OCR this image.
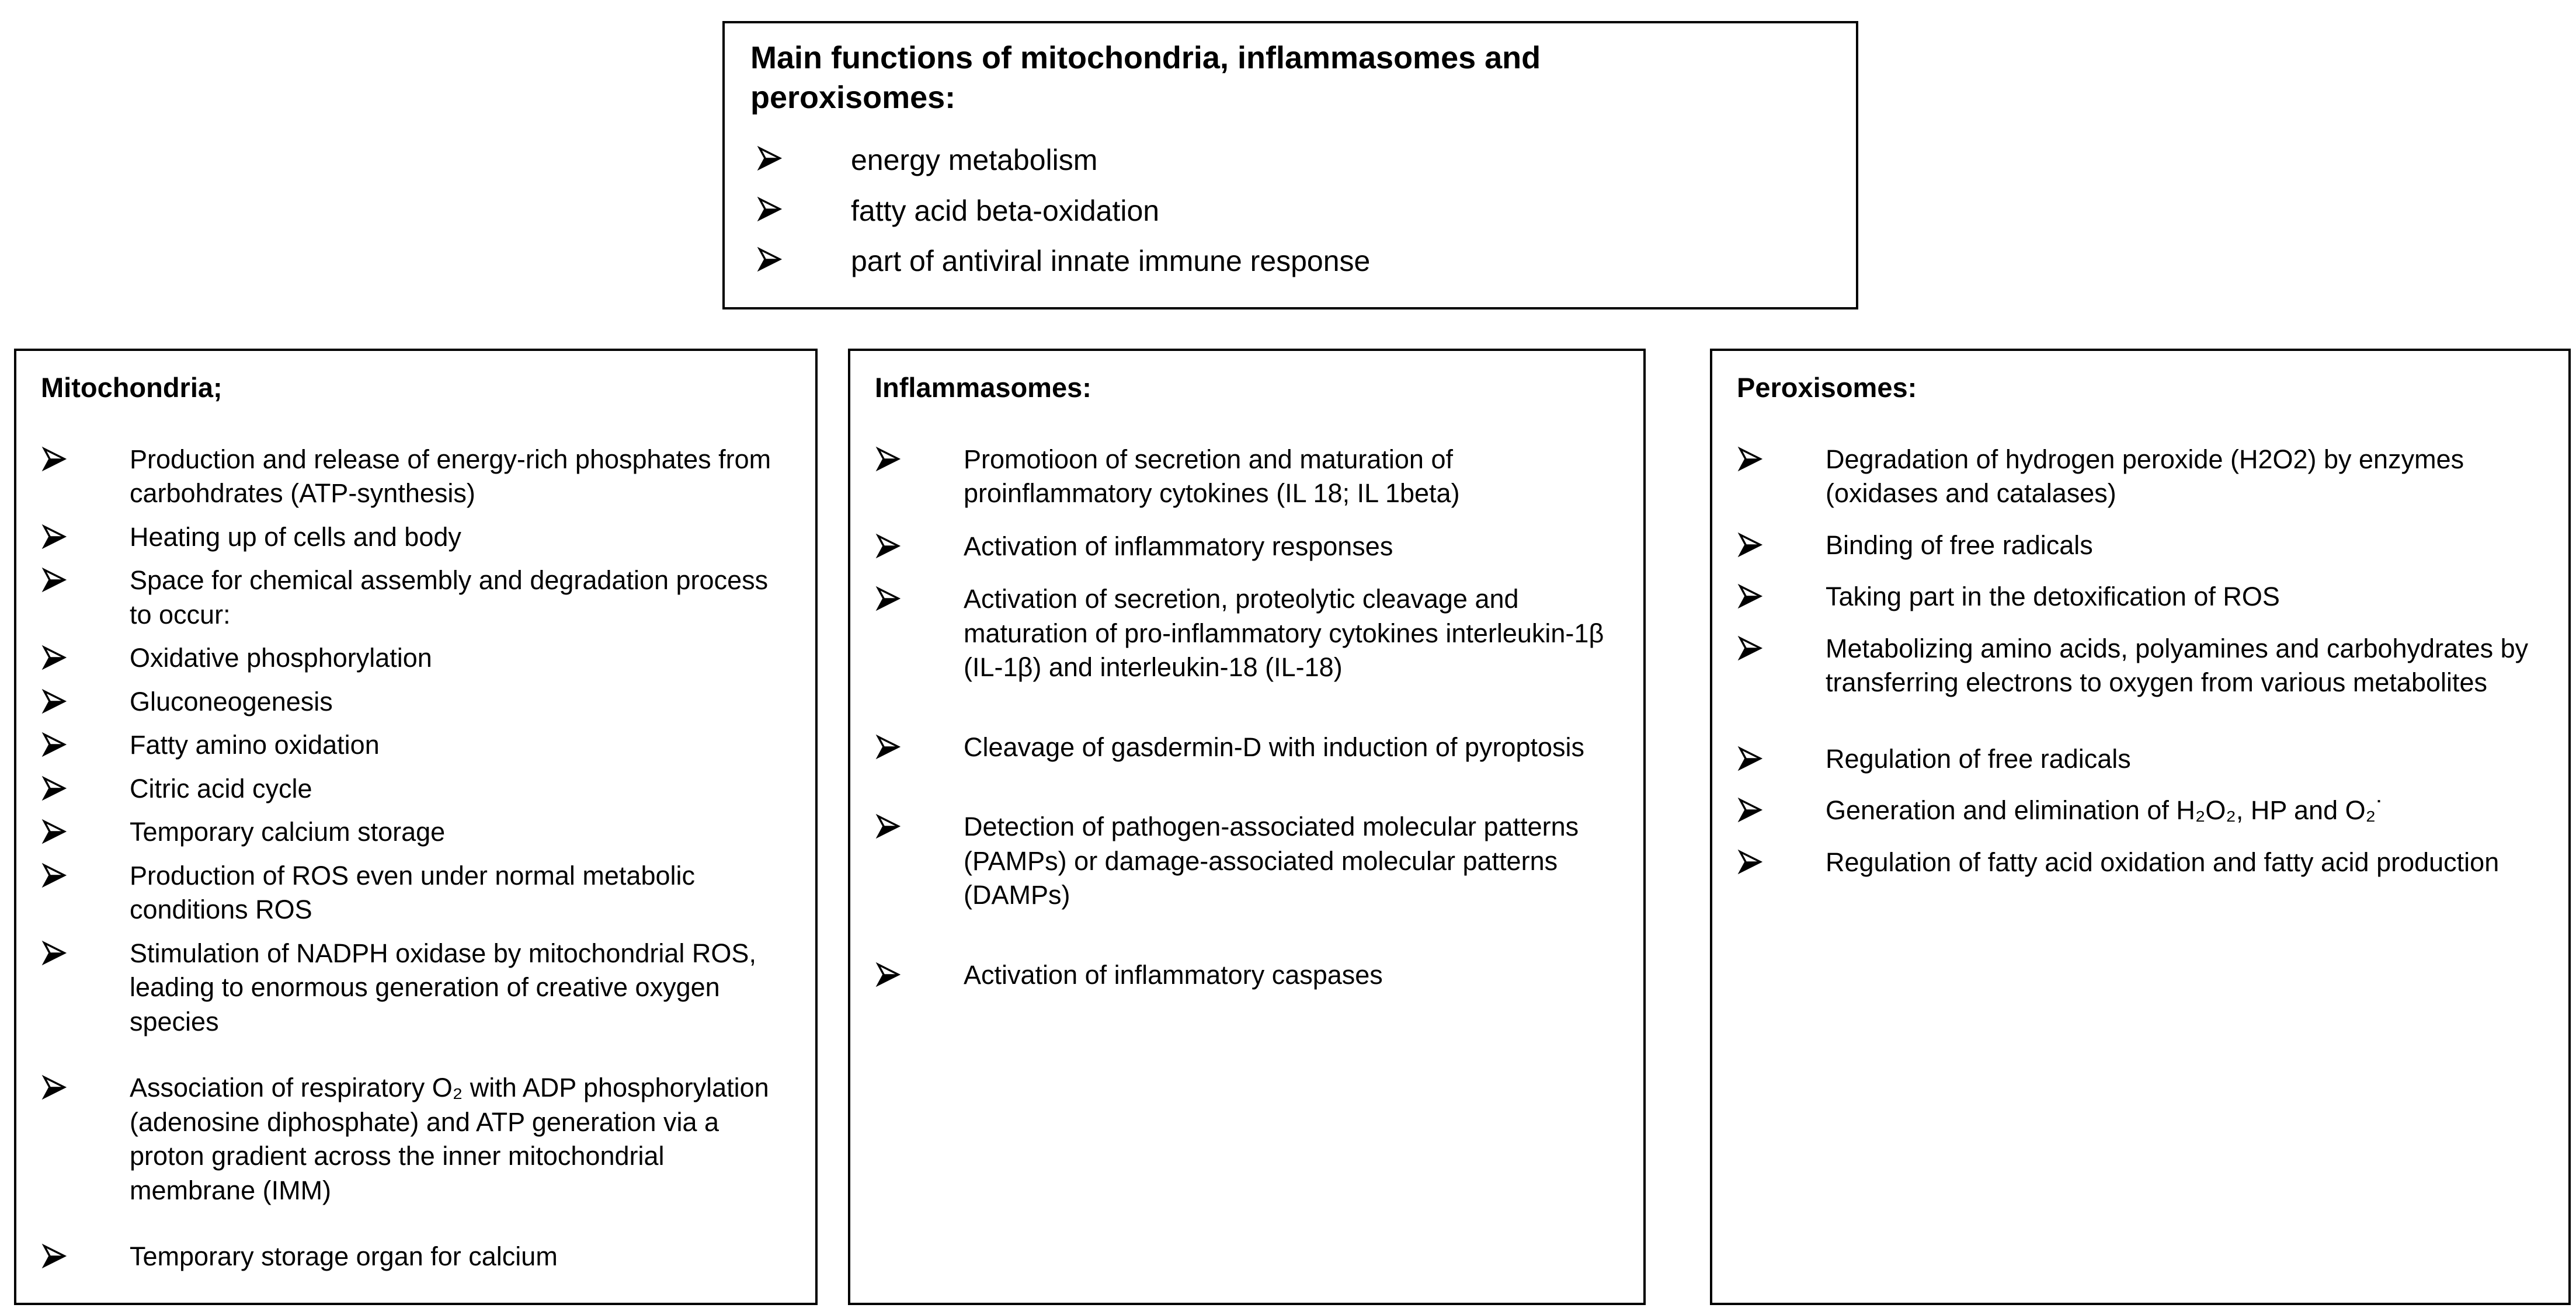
Main functions of mitochondria, inflammasomes and peroxisomes:
energy metabolism
fatty acid beta-oxidation
part of antiviral innate immune response
Mitochondria;
Production and release of energy-rich phosphates from carbohdrates (ATP-synthesis)
Heating up of cells and body
Space for chemical assembly and degradation process to occur:
Oxidative phosphorylation
Gluconeogenesis
Fatty amino oxidation
Citric acid cycle
Temporary calcium storage
Production of ROS even under normal metabolic conditions ROS
Stimulation of NADPH oxidase by mitochondrial ROS, leading to enormous generation of creative oxygen species
Association of respiratory O₂ with ADP phosphorylation (adenosine diphosphate) and ATP generation via a proton gradient across the inner mitochondrial membrane (IMM)
Temporary storage organ for calcium
Inflammasomes:
Promotioon of secretion and maturation of proinflammatory cytokines (IL 18; IL 1beta)
Activation of inflammatory responses
Activation of secretion, proteolytic cleavage and maturation of pro-inflammatory cytokines interleukin-1β (IL-1β) and interleukin-18 (IL-18)
Cleavage of gasdermin-D with induction of pyroptosis
Detection of pathogen-associated molecular patterns (PAMPs) or damage-associated molecular patterns (DAMPs)
Activation of inflammatory caspases
Peroxisomes:
Degradation of hydrogen peroxide (H2O2) by enzymes (oxidases and catalases)
Binding of free radicals
Taking part in the detoxification of ROS
Metabolizing amino acids, polyamines and carbohydrates by transferring electrons to oxygen from various metabolites
Regulation of free radicals
Generation and elimination of H₂O₂, HP and O₂˙
Regulation of fatty acid oxidation and fatty acid production
